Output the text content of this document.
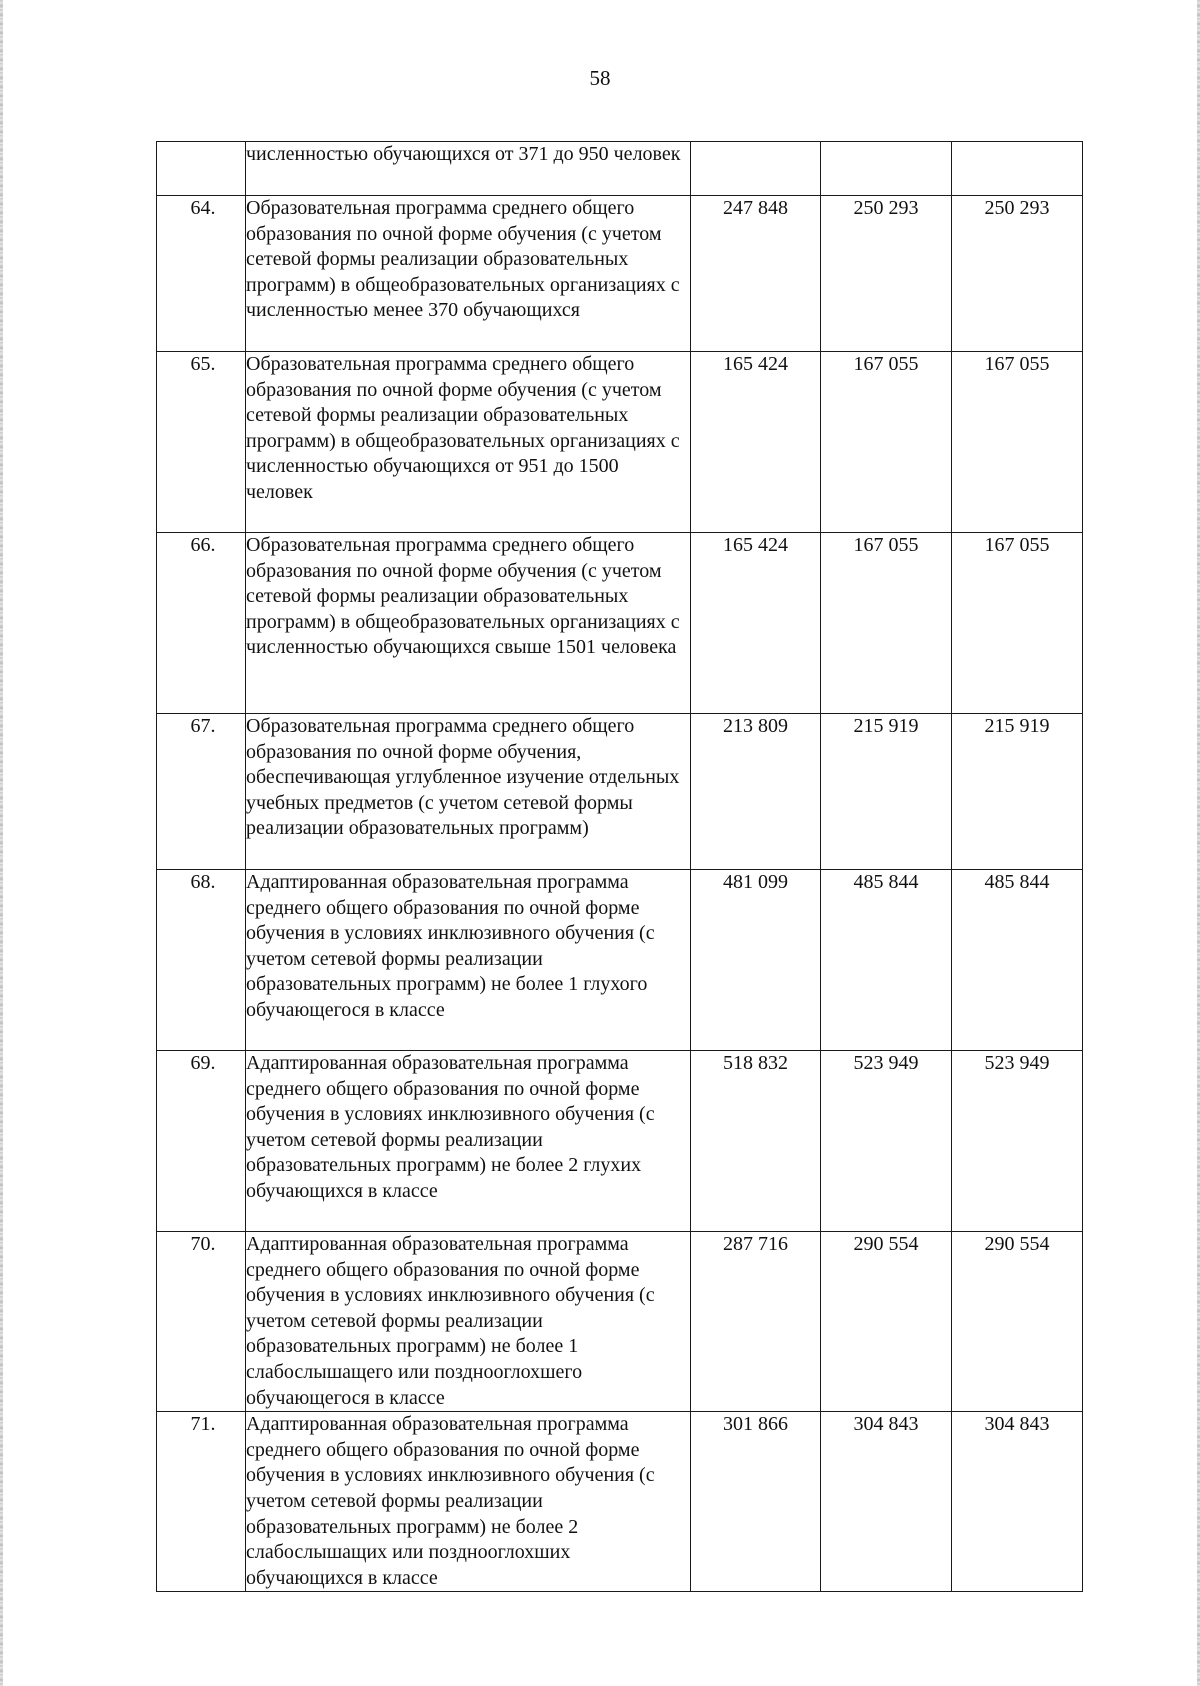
58
	численностью обучающихся от 371 до 950 человек			
64.	Образовательная программа среднего общего образования по очной форме обучения (с учетом сетевой формы реализации образовательных программ) в общеобразовательных организациях с численностью менее 370 обучающихся	247 848	250 293	250 293
65.	Образовательная программа среднего общего образования по очной форме обучения (с учетом сетевой формы реализации образовательных программ) в общеобразовательных организациях с численностью обучающихся от 951 до 1500 человек	165 424	167 055	167 055
66.	Образовательная программа среднего общего образования по очной форме обучения (с учетом сетевой формы реализации образовательных программ) в общеобразовательных организациях с численностью обучающихся свыше 1501 человека	165 424	167 055	167 055
67.	Образовательная программа среднего общего образования по очной форме обучения, обеспечивающая углубленное изучение отдельных учебных предметов (с учетом сетевой формы реализации образовательных программ)	213 809	215 919	215 919
68.	Адаптированная образовательная программа среднего общего образования по очной форме обучения в условиях инклюзивного обучения (с учетом сетевой формы реализации образовательных программ) не более 1 глухого обучающегося в классе	481 099	485 844	485 844
69.	Адаптированная образовательная программа среднего общего образования по очной форме обучения в условиях инклюзивного обучения (с учетом сетевой формы реализации образовательных программ) не более 2 глухих обучающихся в классе	518 832	523 949	523 949
70.	Адаптированная образовательная программа среднего общего образования по очной форме обучения в условиях инклюзивного обучения (с учетом сетевой формы реализации образовательных программ) не более 1 слабослышащего или позднооглохшего обучающегося в классе	287 716	290 554	290 554
71.	Адаптированная образовательная программа среднего общего образования по очной форме обучения в условиях инклюзивного обучения (с учетом сетевой формы реализации образовательных программ) не более 2 слабослышащих или позднооглохших обучающихся в классе	301 866	304 843	304 843
